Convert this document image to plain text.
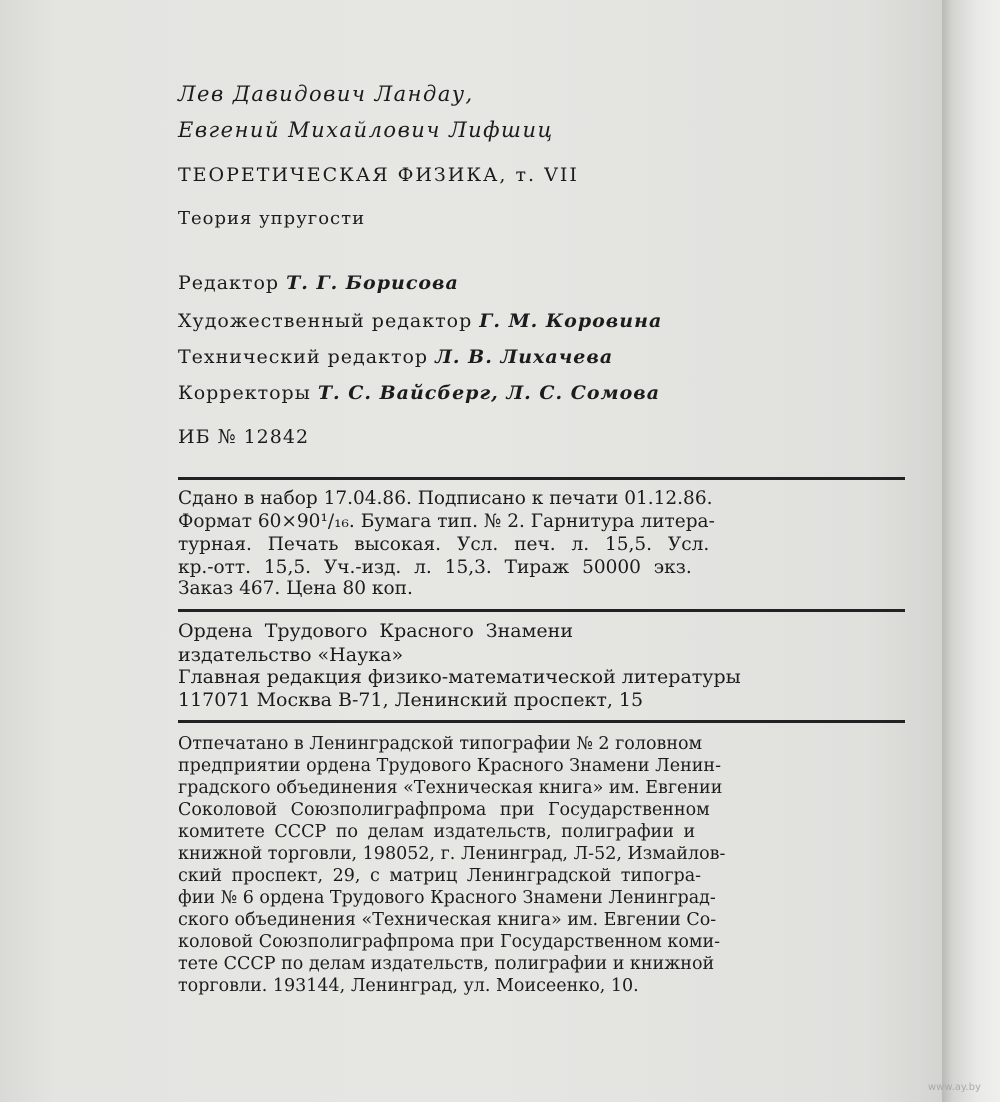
Лев Давидович Ландау,
Евгений Михайлович Лифшиц
ТЕОРЕТИЧЕСКАЯ ФИЗИКА, т. VII
Теория упругости
Редактор Т. Г. Борисова
Художественный редактор Г. М. Коровина
Технический редактор Л. В. Лихачева
Корректоры Т. С. Вайсберг, Л. С. Сомова
ИБ № 12842
Сдано в набор 17.04.86. Подписано к печати 01.12.86.
Формат 60×90¹/₁₆. Бумага тип. № 2. Гарнитура литера-
турная. Печать высокая. Усл. печ. л. 15,5. Усл.
кр.-отт. 15,5. Уч.-изд. л. 15,3. Тираж 50000 экз.
Заказ 467. Цена 80 коп.
Ордена Трудового Красного Знамени
издательство «Наука»
Главная редакция физико-математической литературы
117071 Москва В-71, Ленинский проспект, 15
Отпечатано в Ленинградской типографии № 2 головном
предприятии ордена Трудового Красного Знамени Ленин-
градского объединения «Техническая книга» им. Евгении
Соколовой Союзполиграфпрома при Государственном
комитете СССР по делам издательств, полиграфии и
книжной торговли, 198052, г. Ленинград, Л-52, Измайлов-
ский проспект, 29, с матриц Ленинградской типогра-
фии № 6 ордена Трудового Красного Знамени Ленинград-
ского объединения «Техническая книга» им. Евгении Со-
коловой Союзполиграфпрома при Государственном коми-
тете СССР по делам издательств, полиграфии и книжной
торговли. 193144, Ленинград, ул. Моисеенко, 10.
www.ay.by
